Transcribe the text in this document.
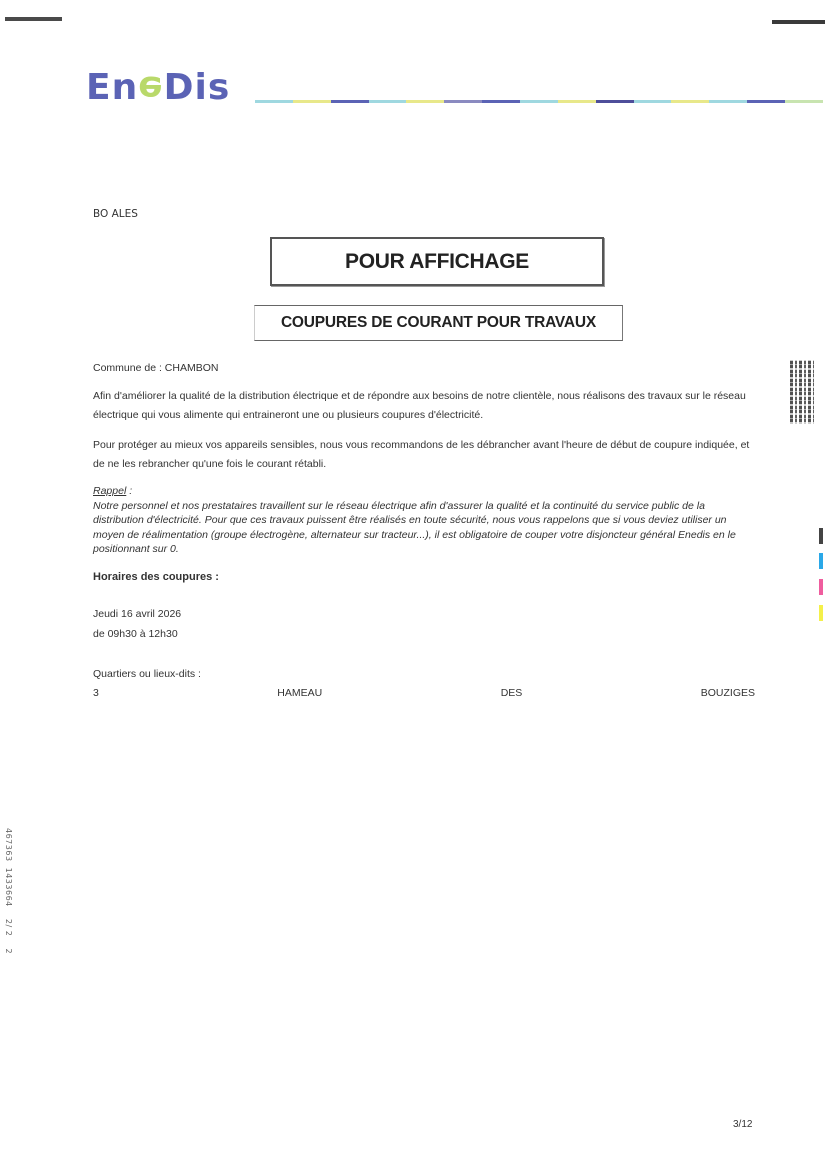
EneDis
BO ALES
POUR AFFICHAGE
COUPURES DE COURANT POUR TRAVAUX
Commune de : CHAMBON
Afin d'améliorer la qualité de la distribution électrique et de répondre aux besoins de notre clientèle, nous réalisons des travaux sur le réseau électrique qui vous alimente qui entraineront une ou plusieurs coupures d'électricité.
Pour protéger au mieux vos appareils sensibles, nous vous recommandons de les débrancher avant l'heure de début de coupure indiquée, et de ne les rebrancher qu'une fois le courant rétabli.
Rappel :
Notre personnel et nos prestataires travaillent sur le réseau électrique afin d'assurer la qualité et la continuité du service public de la distribution d'électricité. Pour que ces travaux puissent être réalisés en toute sécurité, nous vous rappelons que si vous deviez utiliser un moyen de réalimentation (groupe électrogène, alternateur sur tracteur...), il est obligatoire de couper votre disjoncteur général Enedis en le positionnant sur 0.
Horaires des coupures :
Jeudi 16 avril 2026
de 09h30 à 12h30
Quartiers ou lieux-dits :
3	HAMEAU	DES	BOUZIGES
467363  1433664    2/ 2    2
3/12
